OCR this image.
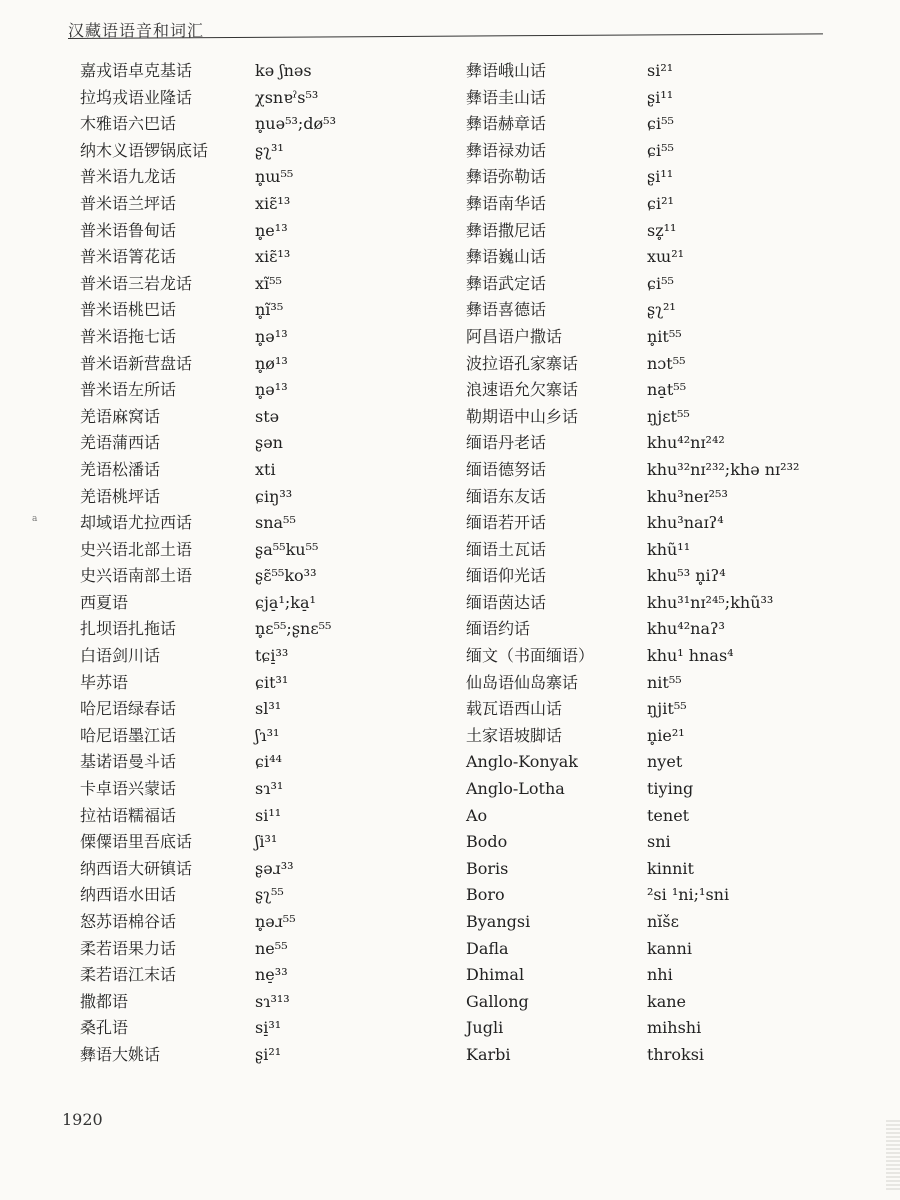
汉藏语语音和词汇
嘉戎语卓克基话	kə ʃnəs
拉坞戎语业隆话	χsnɐˀs⁵³
木雅语六巴话	n̥uə⁵³;dø⁵³
纳木义语锣锅底话	ʂʅ³¹
普米语九龙话	n̥ɯ⁵⁵
普米语兰坪话	xiɛ̃¹³
普米语鲁甸话	n̥e¹³
普米语箐花话	xiɛ̃¹³
普米语三岩龙话	xĩ⁵⁵
普米语桃巴话	n̥ĩ³⁵
普米语拖七话	n̥ə¹³
普米语新营盘话	n̥ø¹³
普米语左所话	n̥ə¹³
羌语麻窝话	stə
羌语蒲西话	ʂən
羌语松潘话	xti
羌语桃坪话	ɕiŋ³³
却域语尤拉西话	sna⁵⁵
史兴语北部土语	ʂa⁵⁵ku⁵⁵
史兴语南部土语	ʂɛ̃⁵⁵ko³³
西夏语	ɕja̠¹;ka̠¹
扎坝语扎拖话	n̥ɛ⁵⁵;ʂnɛ⁵⁵
白语剑川话	tɕi̠³³
毕苏语	ɕit³¹
哈尼语绿春话	sl³¹
哈尼语墨江话	ʃɿ³¹
基诺语曼斗话	ɕi⁴⁴
卡卓语兴蒙话	sɿ³¹
拉祜语糯福话	si¹¹
傈僳语里吾底话	ʃi³¹
纳西语大研镇话	ʂəɹ³³
纳西语水田话	ʂʅ⁵⁵
怒苏语棉谷话	n̥əɹ⁵⁵
柔若语果力话	ne⁵⁵
柔若语江末话	ne̠³³
撒都语	sɿ³¹³
桑孔语	si̠³¹
彝语大姚话	ʂi²¹
彝语峨山话	si²¹
彝语圭山话	ʂi¹¹
彝语赫章话	ɕi⁵⁵
彝语禄劝话	ɕi⁵⁵
彝语弥勒话	ʂi¹¹
彝语南华话	ɕi²¹
彝语撒尼话	sz̥¹¹
彝语巍山话	xɯ²¹
彝语武定话	ɕi⁵⁵
彝语喜德话	ʂʅ²¹
阿昌语户撒话	n̥it⁵⁵
波拉语孔家寨话	nɔt⁵⁵
浪速语允欠寨话	na̠t⁵⁵
勒期语中山乡话	ŋjɛt⁵⁵
缅语丹老话	khu⁴²nɪ²⁴²
缅语德努话	khu³²nɪ²³²;khə nɪ²³²
缅语东友话	khu³neɪ²⁵³
缅语若开话	khu³naɪʔ⁴
缅语土瓦话	khũ¹¹
缅语仰光话	khu⁵³ n̥iʔ⁴
缅语茵达话	khu³¹nɪ²⁴⁵;khũ³³
缅语约话	khu⁴²naʔ³
缅文（书面缅语）	khu¹ hnas⁴
仙岛语仙岛寨话	nit⁵⁵
载瓦语西山话	ŋjit⁵⁵
土家语坡脚话	n̥ie²¹
Anglo-Konyak	nyet
Anglo-Lotha	tiying
Ao	tenet
Bodo	sni
Boris	kinnit
Boro	²si ¹ni;¹sni
Byangsi	nĭšɛ
Dafla	kanni
Dhimal	nhi
Gallong	kane
Jugli	mihshi
Karbi	throksi
a
1920
